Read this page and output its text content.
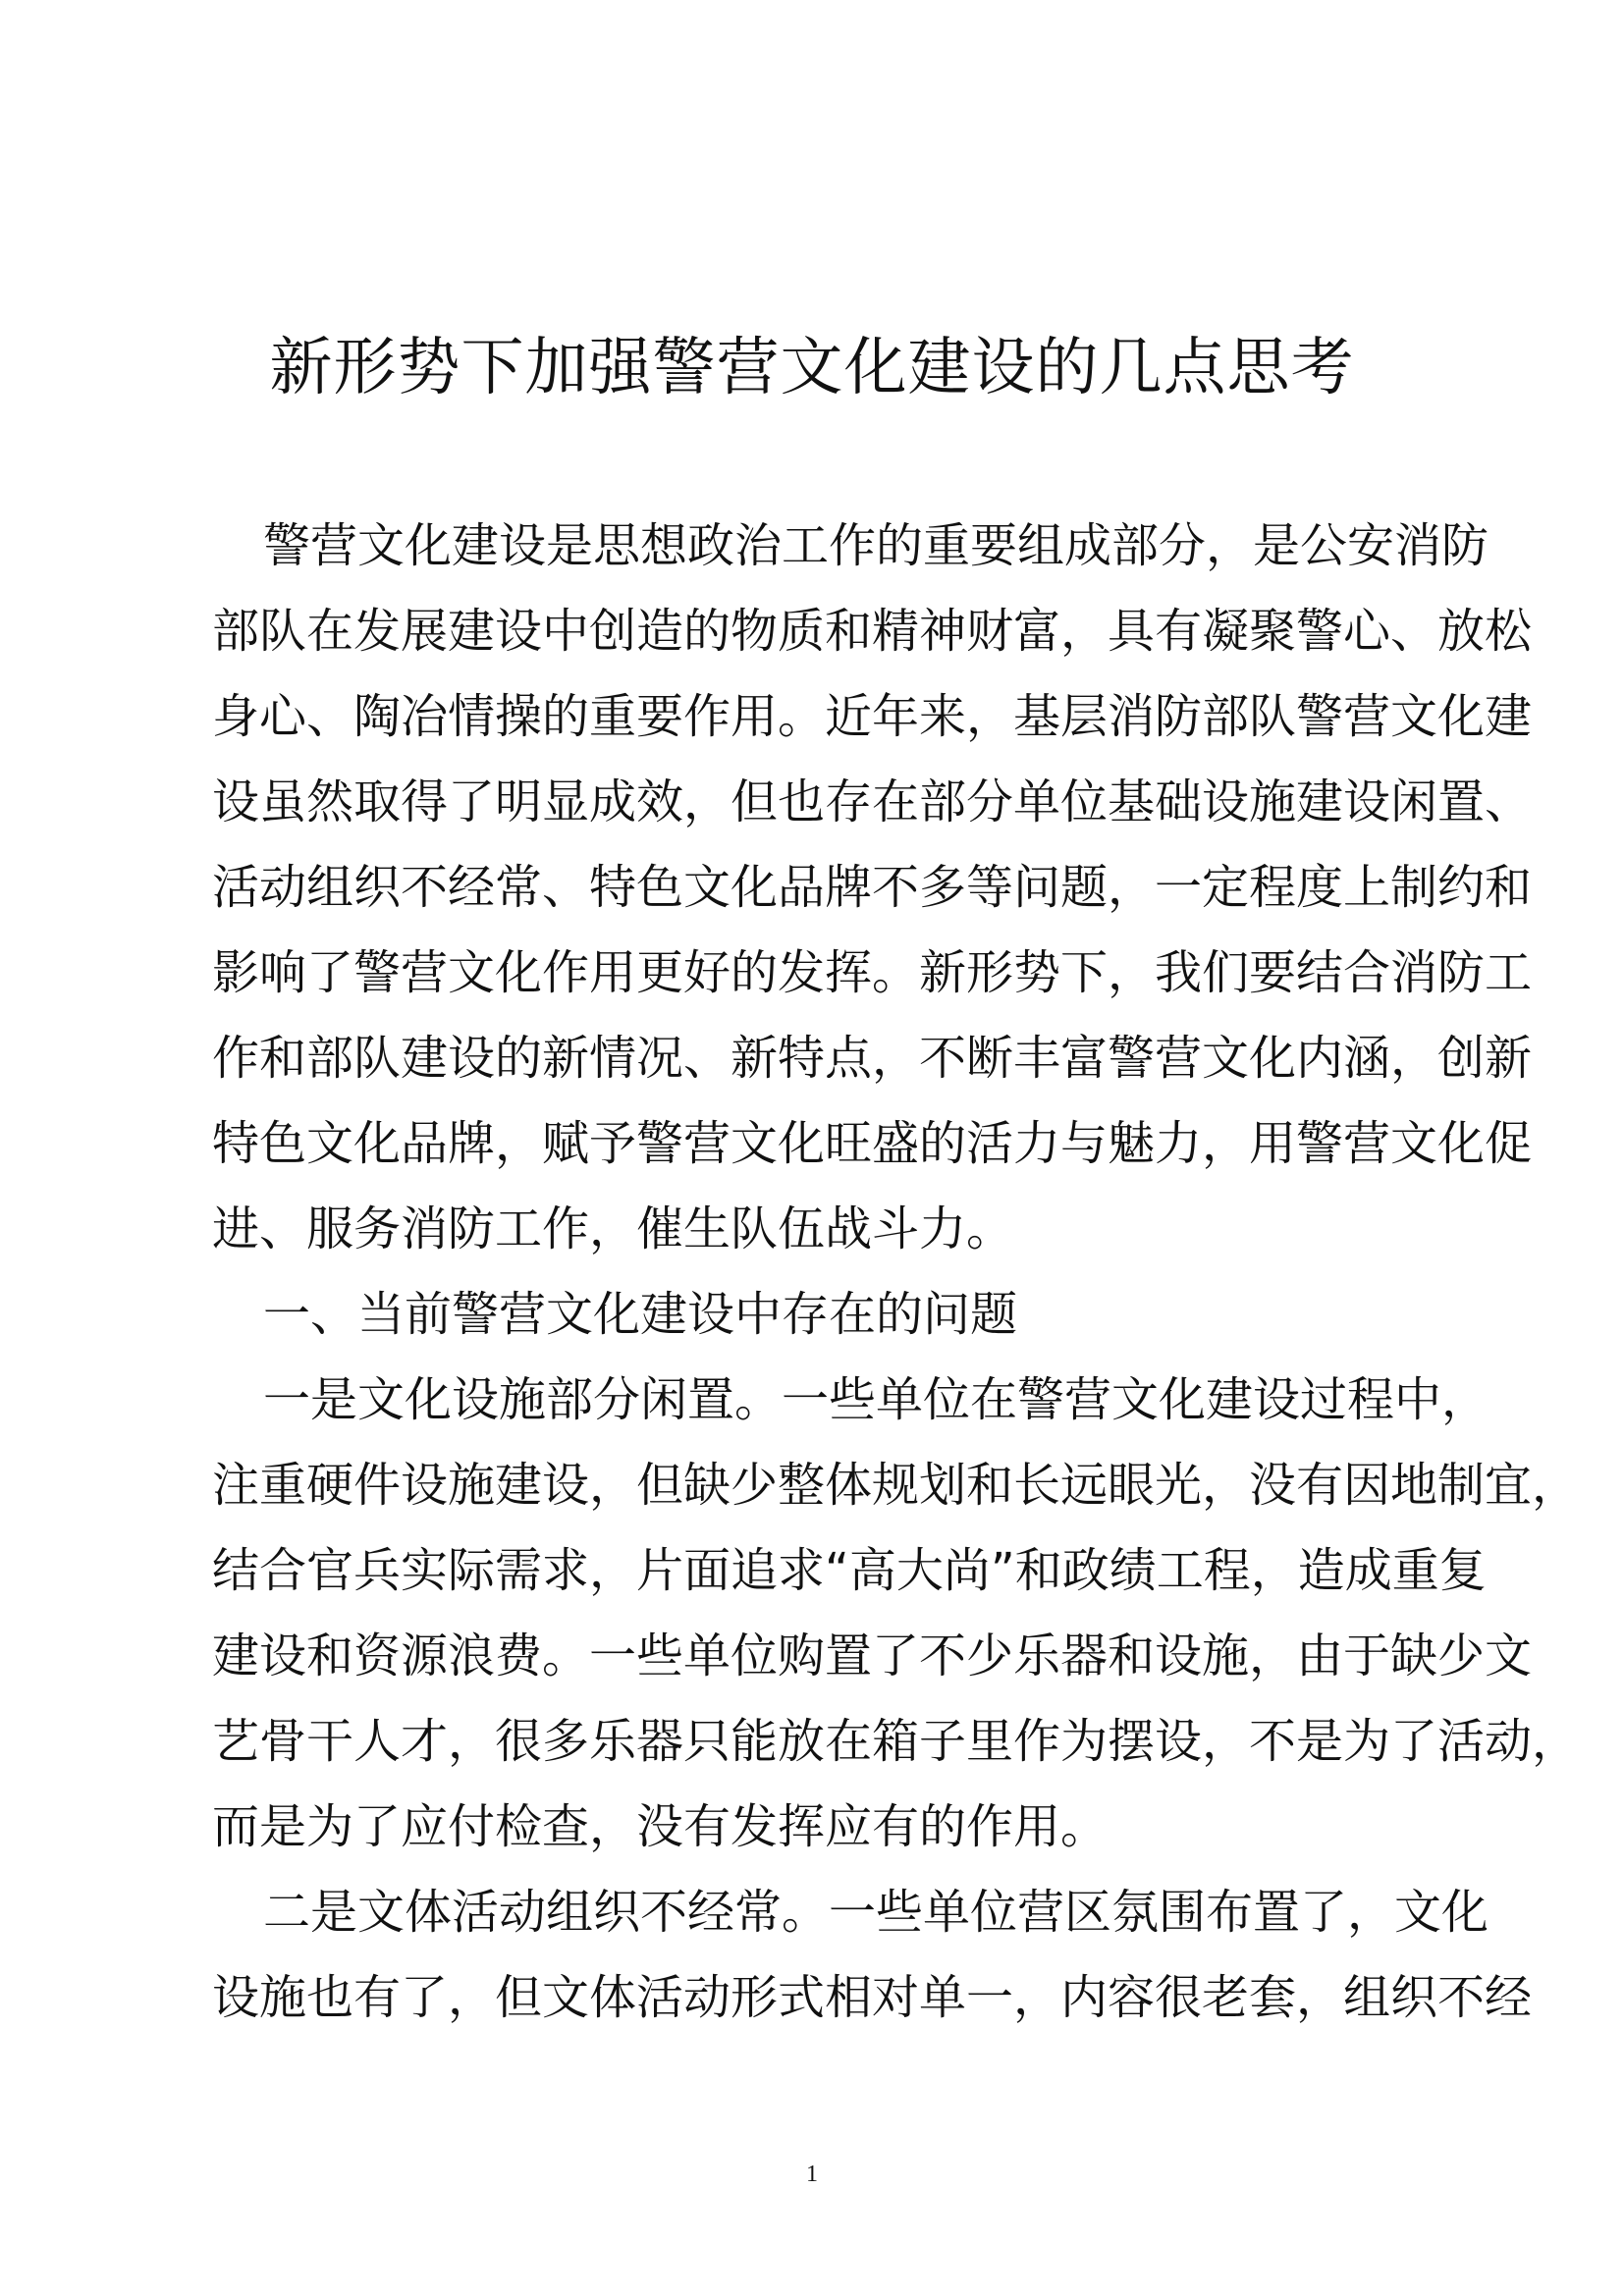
新形势下加强警营文化建设的几点思考
警营文化建设是思想政治工作的重要组成部分，是公安消防
部队在发展建设中创造的物质和精神财富，具有凝聚警心、放松
身心、陶冶情操的重要作用。近年来，基层消防部队警营文化建
设虽然取得了明显成效，但也存在部分单位基础设施建设闲置、
活动组织不经常、特色文化品牌不多等问题，一定程度上制约和
影响了警营文化作用更好的发挥。新形势下，我们要结合消防工
作和部队建设的新情况、新特点，不断丰富警营文化内涵，创新
特色文化品牌，赋予警营文化旺盛的活力与魅力，用警营文化促
进、服务消防工作，催生队伍战斗力。
一、当前警营文化建设中存在的问题
一是文化设施部分闲置。一些单位在警营文化建设过程中，
注重硬件设施建设，但缺少整体规划和长远眼光，没有因地制宜，
结合官兵实际需求，片面追求“高大尚”和政绩工程，造成重复
建设和资源浪费。一些单位购置了不少乐器和设施，由于缺少文
艺骨干人才，很多乐器只能放在箱子里作为摆设，不是为了活动，
而是为了应付检查，没有发挥应有的作用。
二是文体活动组织不经常。一些单位营区氛围布置了，文化
设施也有了，但文体活动形式相对单一，内容很老套，组织不经
1
